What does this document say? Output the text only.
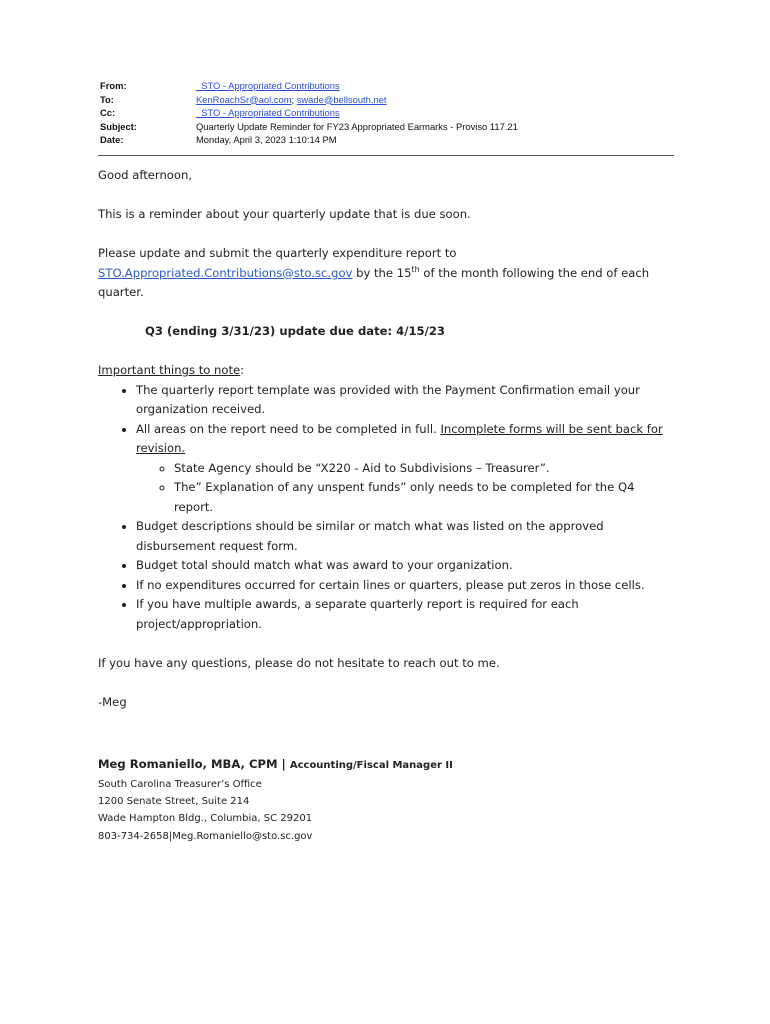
From:	_STO - Appropriated Contributions
To:	KenRoachSr@aol.com; swade@bellsouth.net
Cc:	_STO - Appropriated Contributions
Subject:	Quarterly Update Reminder for FY23 Appropriated Earmarks - Proviso 117.21
Date:	Monday, April 3, 2023 1:10:14 PM

Good afternoon,

This is a reminder about your quarterly update that is due soon.

Please update and submit the quarterly expenditure report to
STO.Appropriated.Contributions@sto.sc.gov by the 15th of the month following the end of each quarter.

Q3 (ending 3/31/23) update due date: 4/15/23

Important things to note:

• The quarterly report template was provided with the Payment Confirmation email your organization received.
• All areas on the report need to be completed in full. Incomplete forms will be sent back for revision.
◦ State Agency should be “X220 - Aid to Subdivisions – Treasurer”.
◦ The” Explanation of any unspent funds” only needs to be completed for the Q4 report.
• Budget descriptions should be similar or match what was listed on the approved disbursement request form.
• Budget total should match what was award to your organization.
• If no expenditures occurred for certain lines or quarters, please put zeros in those cells.
• If you have multiple awards, a separate quarterly report is required for each project/appropriation.

If you have any questions, please do not hesitate to reach out to me.

-Meg

Meg Romaniello, MBA, CPM | Accounting/Fiscal Manager II
South Carolina Treasurer’s Office
1200 Senate Street, Suite 214
Wade Hampton Bldg., Columbia, SC 29201
803-734-2658|Meg.Romaniello@sto.sc.gov
